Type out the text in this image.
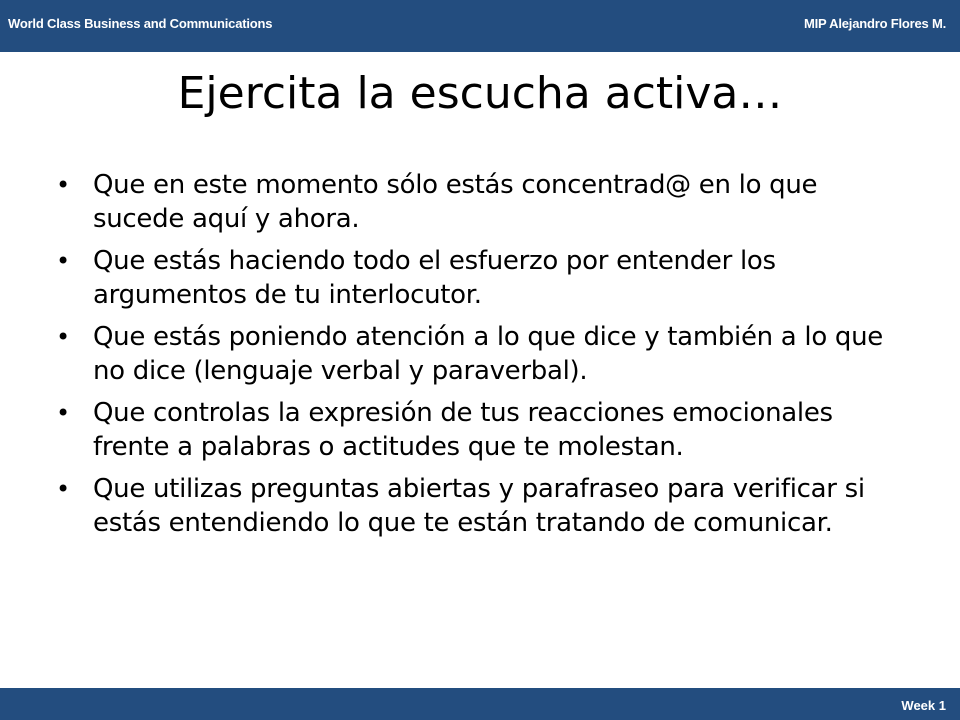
World Class Business and Communications	MIP Alejandro Flores M.
Ejercita la escucha activa…
• Que en este momento sólo estás concentrad@ en lo que sucede aquí y ahora.
• Que estás haciendo todo el esfuerzo por entender los argumentos de tu interlocutor.
• Que estás poniendo atención a lo que dice y también a lo que no dice (lenguaje verbal y paraverbal).
• Que controlas la expresión de tus reacciones emocionales frente a palabras o actitudes que te molestan.
• Que utilizas preguntas abiertas y parafraseo para verificar si estás entendiendo lo que te están tratando de comunicar.
Week 1
